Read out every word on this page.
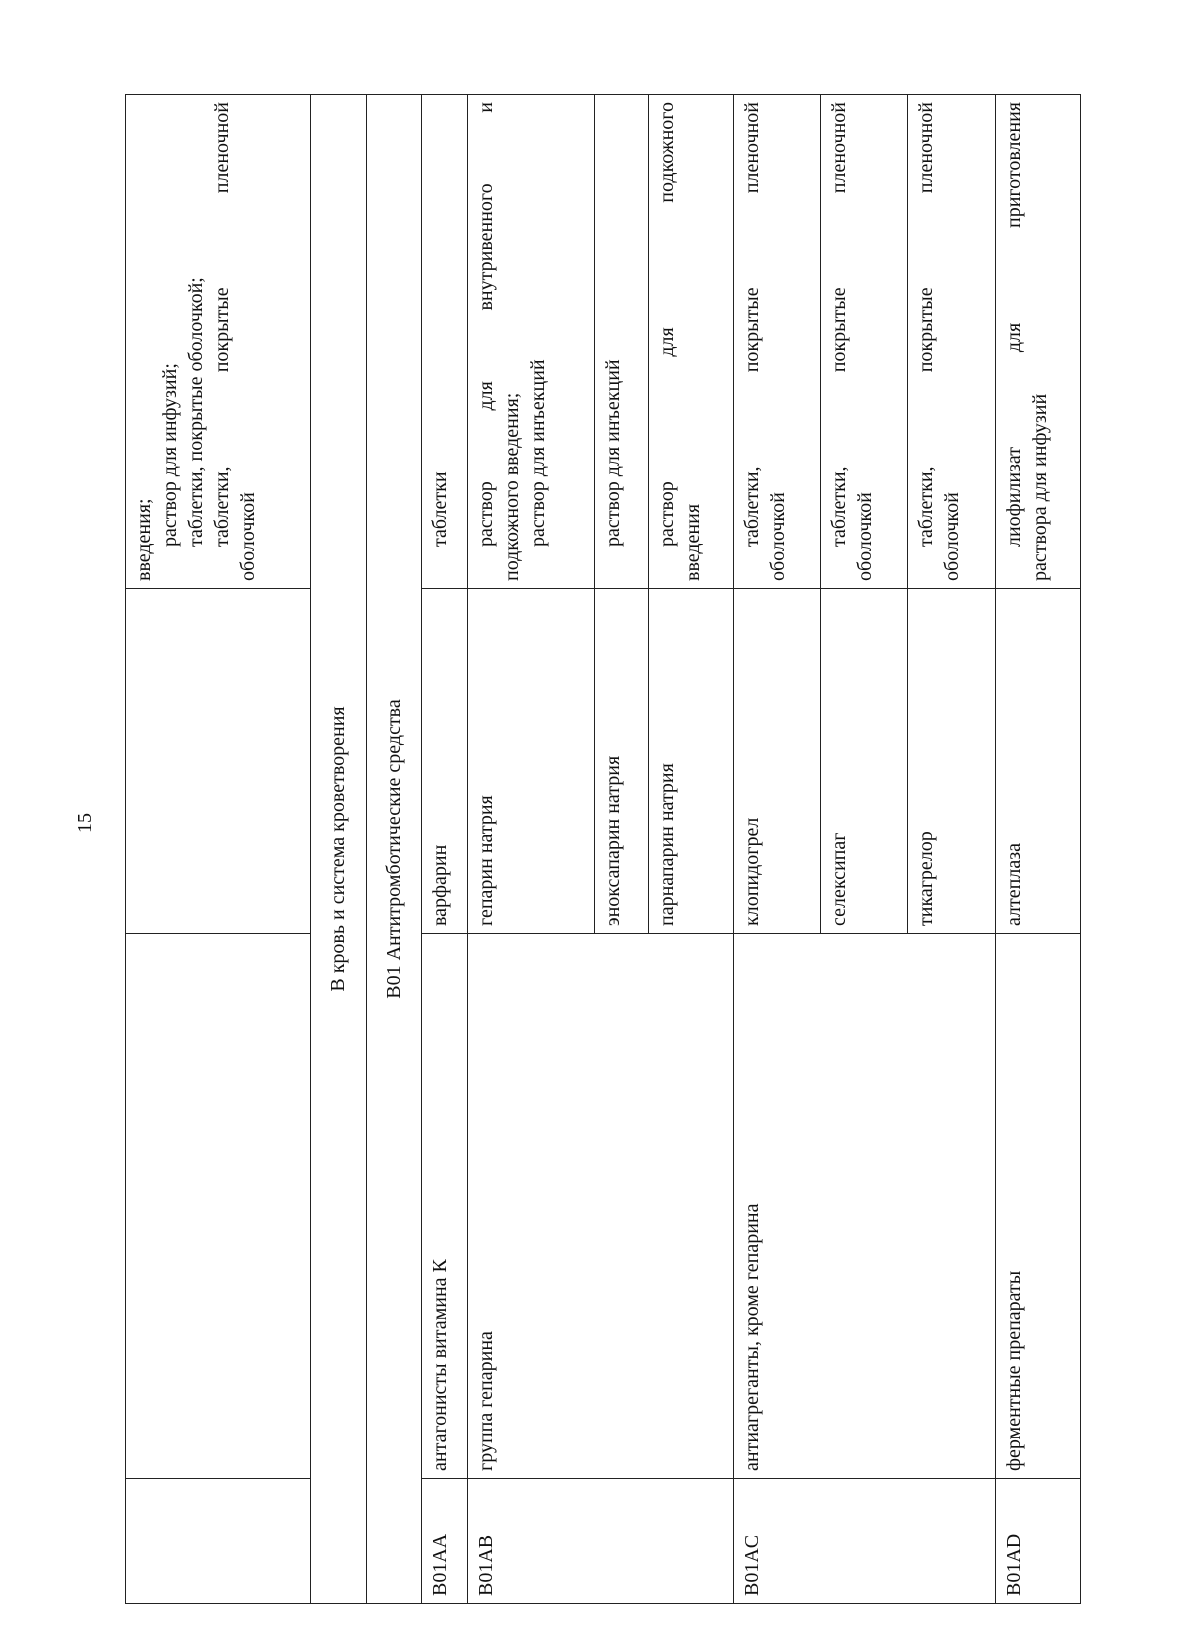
15

			введения; раствор для инфузий; таблетки, покрытые оболочкой; таблетки, покрытые пленочной оболочкой

B кровь и система кроветворения			
B01 Антитромботические средства			
B01AA	антагонисты витамина К	варфарин	таблетки

B01AB	группа гепарина	гепарин натрия	раствор для внутривенного и подкожного введения; раствор для инъекций

		эноксапарин натрия	раствор для инъекций

		парнапарин натрия	раствор для подкожного введения

B01AC	антиагреганты, кроме гепарина	клопидогрел	таблетки, покрытые пленочной оболочкой

		селексипаг	таблетки, покрытые пленочной оболочкой

		тикагрелор	таблетки, покрытые пленочной оболочкой

B01AD	ферментные препараты	алтеплаза	лиофилизат для приготовления раствора для инфузий
